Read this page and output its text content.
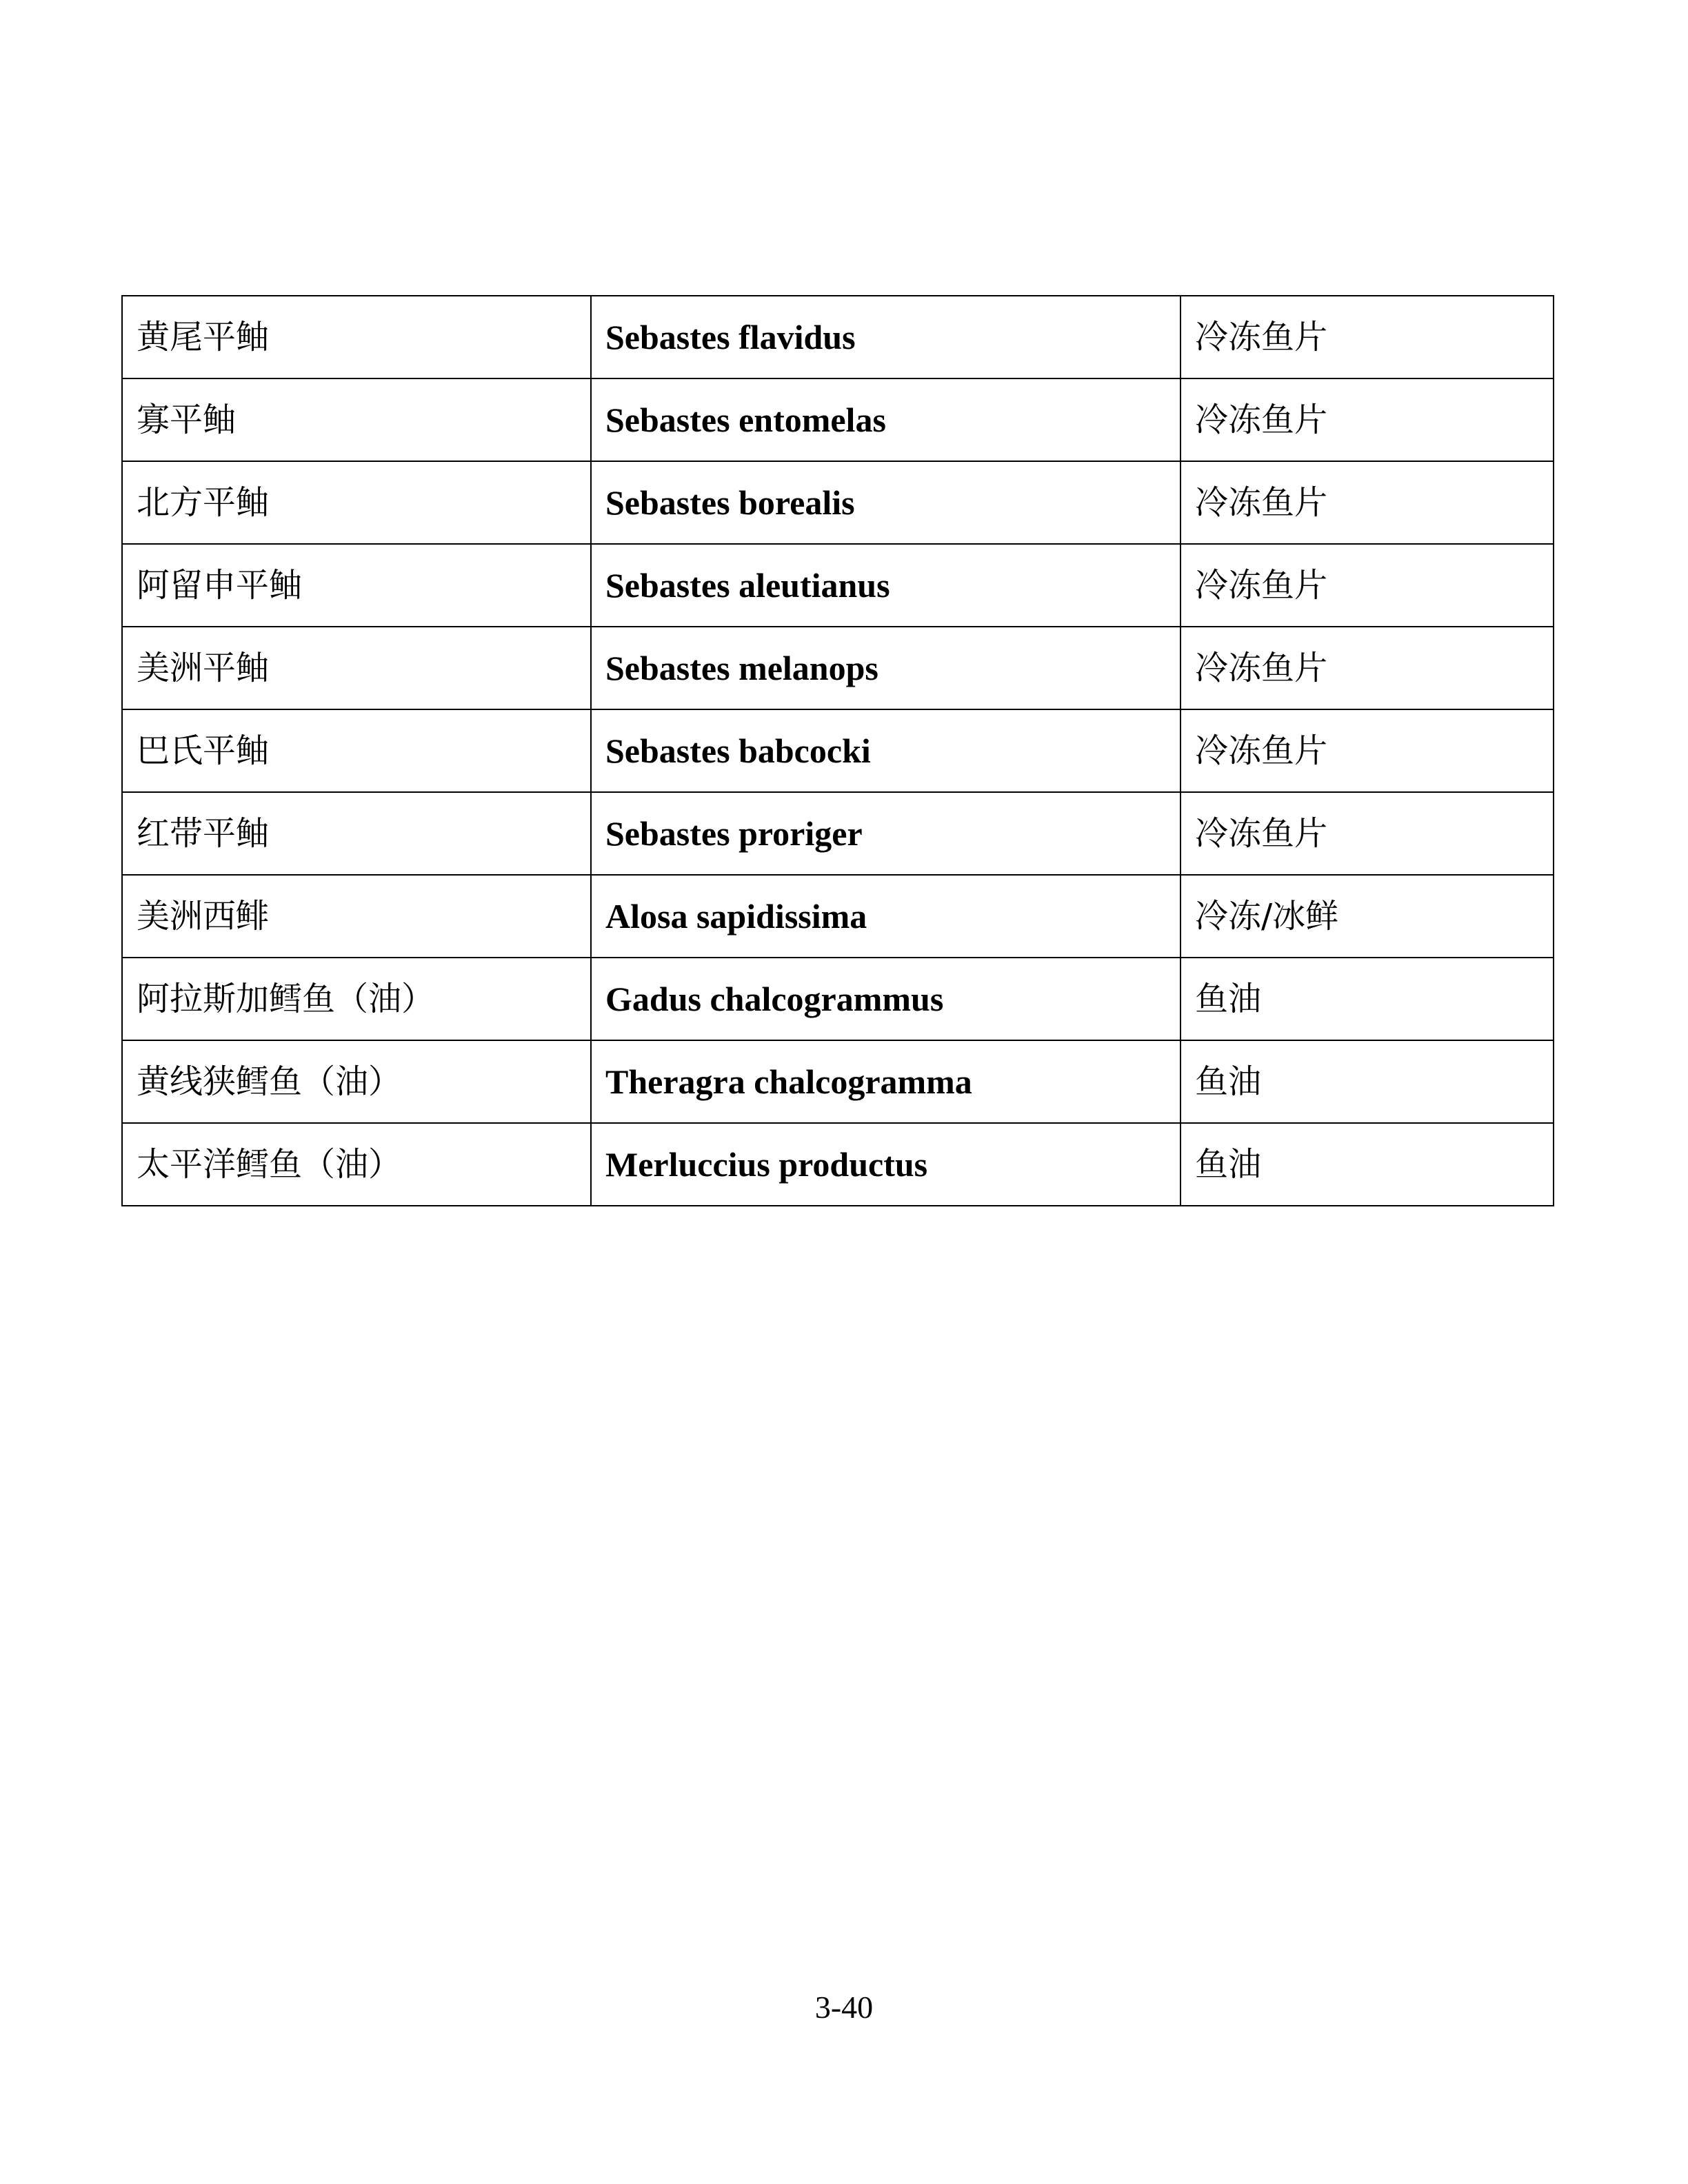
黄尾平鲉	Sebastes flavidus	冷冻鱼片
寡平鲉	Sebastes entomelas	冷冻鱼片
北方平鲉	Sebastes borealis	冷冻鱼片
阿留申平鲉	Sebastes aleutianus	冷冻鱼片
美洲平鲉	Sebastes melanops	冷冻鱼片
巴氏平鲉	Sebastes babcocki	冷冻鱼片
红带平鲉	Sebastes proriger	冷冻鱼片
美洲西鲱	Alosa sapidissima	冷冻/冰鲜
阿拉斯加鳕鱼（油）	Gadus chalcogrammus	鱼油
黄线狭鳕鱼（油）	Theragra chalcogramma	鱼油
太平洋鳕鱼（油）	Merluccius productus	鱼油
3-40
